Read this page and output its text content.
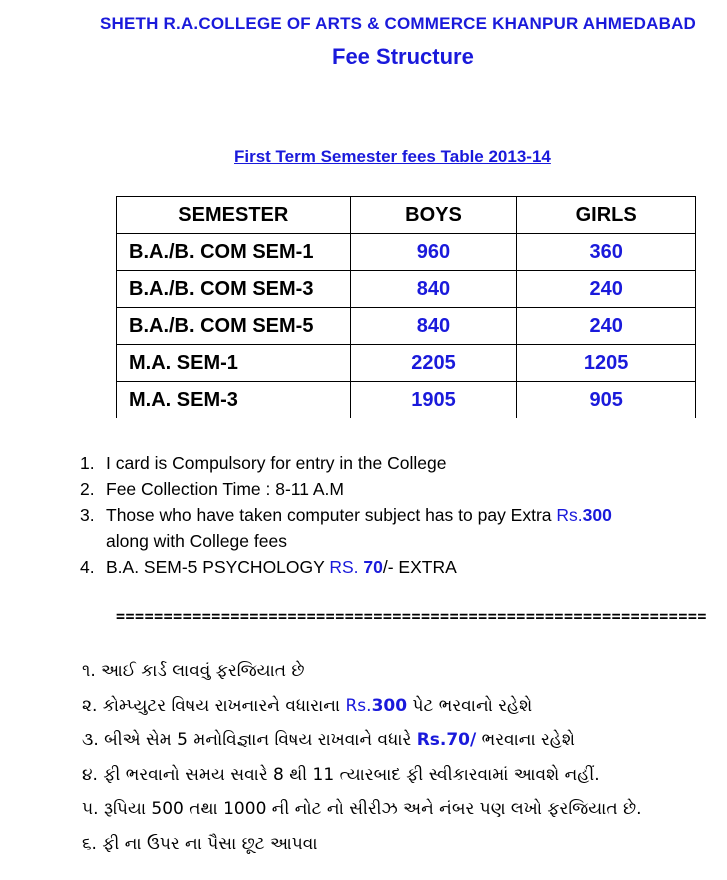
SHETH R.A.COLLEGE OF ARTS & COMMERCE KHANPUR AHMEDABAD
Fee Structure
First Term Semester fees Table 2013-14
SEMESTER	BOYS	GIRLS
B.A./B. COM SEM-1	960	360
B.A./B. COM SEM-3	840	240
B.A./B. COM SEM-5	840	240
M.A. SEM-1	2205	1205
M.A. SEM-3	1905	905
1. I card is Compulsory for entry in the College
2. Fee Collection Time : 8-11 A.M
3. Those who have taken computer subject has to pay Extra Rs.300
along with College fees
4. B.A. SEM-5 PSYCHOLOGY RS. 70/- EXTRA
==============================================================
૧. આઈ કાર્ડ લાવવું ફરજિયાત છે
૨. કોમ્પ્યુટર વિષય રાખનારને વધારાના Rs.300 પેટ ભરવાનો રહેશે
૩. બીએ સેમ 5 મનોવિજ્ઞાન વિષય રાખવાને વધારે Rs.70/ ભરવાના રહેશે
૪. ફી ભરવાનો સમય સવારે 8 થી 11 ત્યારબાદ ફી સ્વીકારવામાં આવશે નહીં.
૫. રૂપિયા 500 તથા 1000 ની નોટ નો સીરીઝ અને નંબર પણ લખો ફરજિયાત છે.
૬. ફી ના ઉપર ના પૈસા છૂટ આપવા
